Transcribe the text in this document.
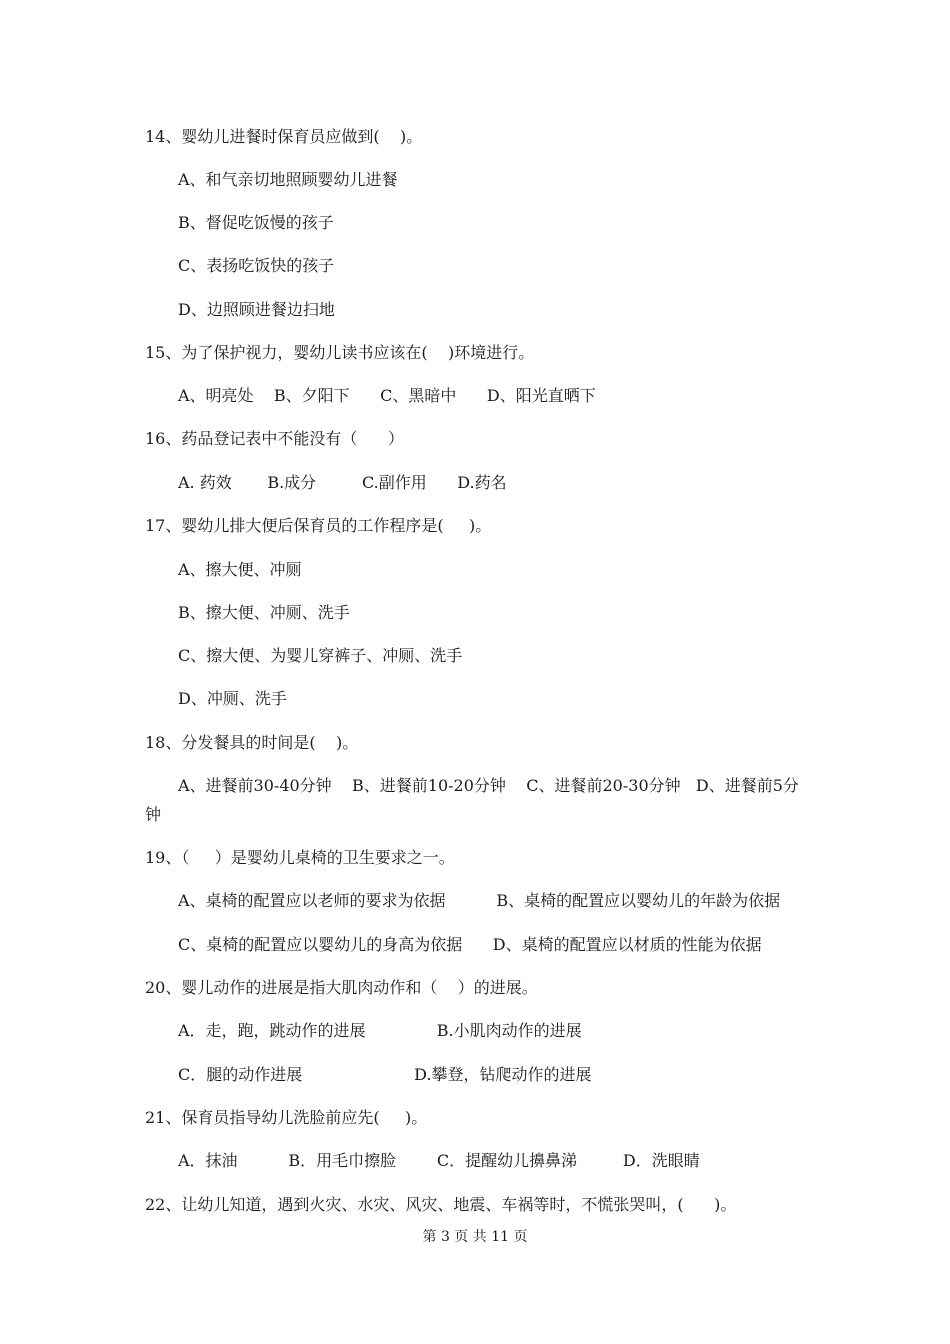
14、婴幼儿进餐时保育员应做到(    )。
A、和气亲切地照顾婴幼儿进餐
B、督促吃饭慢的孩子
C、表扬吃饭快的孩子
D、边照顾进餐边扫地
15、为了保护视力，婴幼儿读书应该在(    )环境进行。
A、明亮处    B、夕阳下      C、黑暗中      D、阳光直晒下
16、药品登记表中不能没有（      ）
A. 药效       B.成分         C.副作用      D.药名
17、婴幼儿排大便后保育员的工作程序是(     )。
A、擦大便、冲厕
B、擦大便、冲厕、洗手
C、擦大便、为婴儿穿裤子、冲厕、洗手
D、冲厕、洗手
18、分发餐具的时间是(    )。
A、进餐前30-40分钟    B、进餐前10-20分钟    C、进餐前20-30分钟   D、进餐前5分
钟
19、（     ）是婴幼儿桌椅的卫生要求之一。
A、桌椅的配置应以老师的要求为依据          B、桌椅的配置应以婴幼儿的年龄为依据
C、桌椅的配置应以婴幼儿的身高为依据      D、桌椅的配置应以材质的性能为依据
20、婴儿动作的进展是指大肌肉动作和（    ）的进展。
A．走，跑，跳动作的进展              B.小肌肉动作的进展
C．腿的动作进展                      D.攀登，钻爬动作的进展
21、保育员指导幼儿洗脸前应先(     )。
A．抹油          B．用毛巾擦脸        C．提醒幼儿擤鼻涕         D．洗眼睛
22、让幼儿知道，遇到火灾、水灾、风灾、地震、车祸等时，不慌张哭叫，(      )。
第 3 页 共 11 页
